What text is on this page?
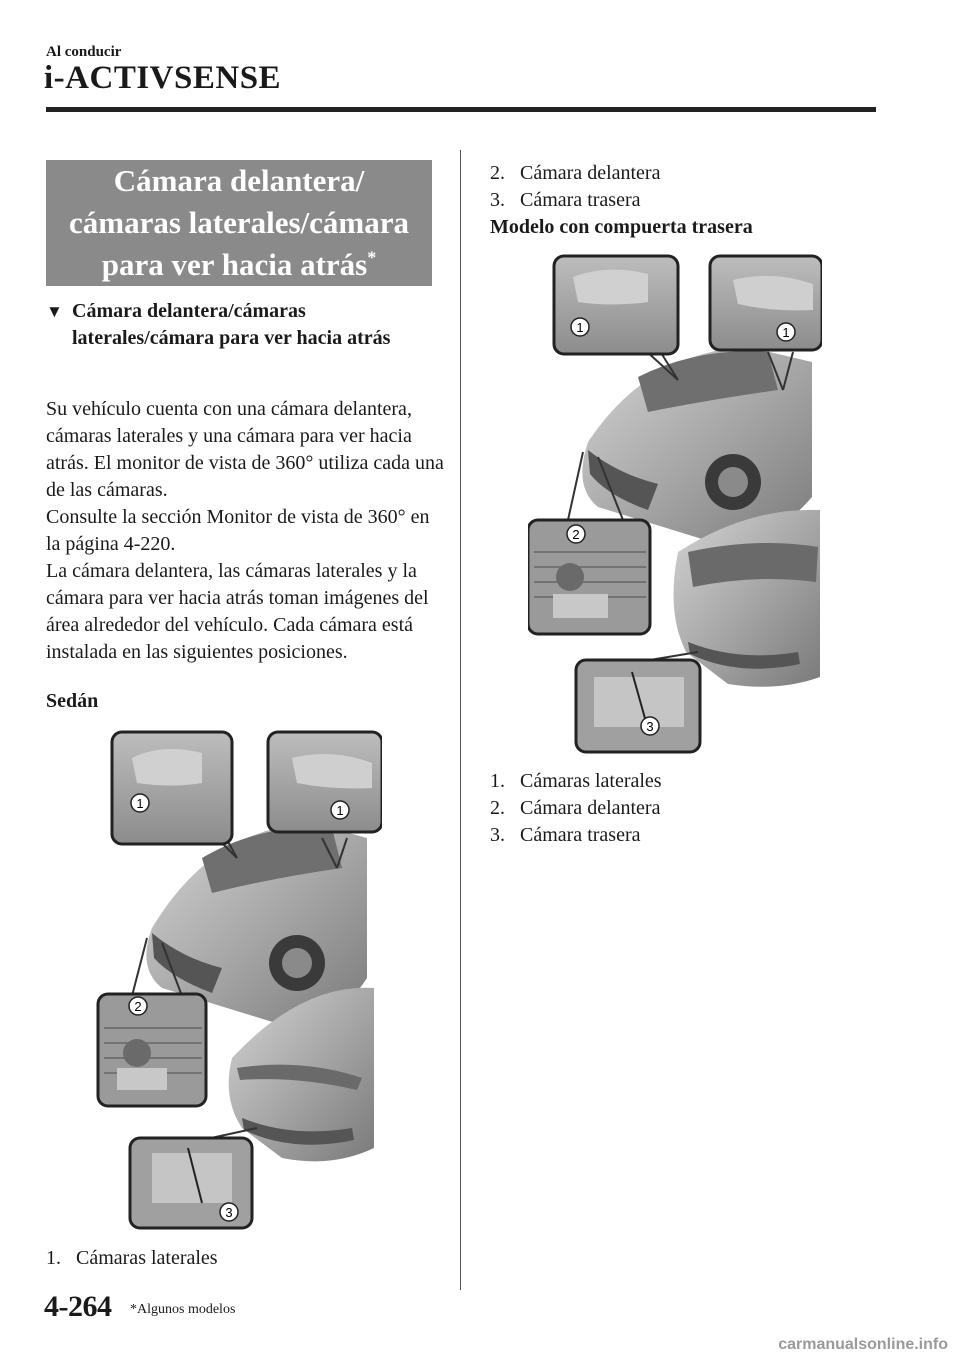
Al conducir
i-ACTIVSENSE
Cámara delantera/
cámaras laterales/cámara
para ver hacia atrás*
▼ Cámara delantera/cámaras laterales/cámara para ver hacia atrás

Su vehículo cuenta con una cámara delantera, cámaras laterales y una cámara para ver hacia atrás. El monitor de vista de 360° utiliza cada una de las cámaras.

Consulte la sección Monitor de vista de 360° en la página 4-220.

La cámara delantera, las cámaras laterales y la cámara para ver hacia atrás toman imágenes del área alrededor del vehículo. Cada cámara está instalada en las siguientes posiciones.

Sedán
1	1
2
3
1. Cámaras laterales
2. Cámara delantera
3. Cámara trasera
Modelo con compuerta trasera
1	1
2
3
1. Cámaras laterales
2. Cámara delantera
3. Cámara trasera
4-264 *Algunos modelos
carmanualsonline.info
